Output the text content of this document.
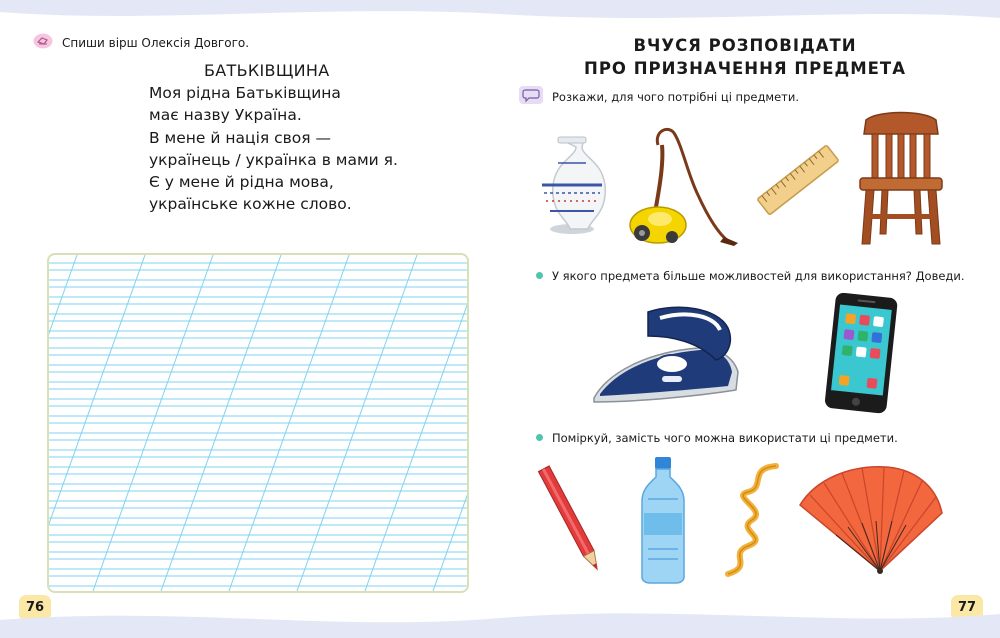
Спиши вірш Олексія Довгого.
БАТЬКІВЩИНА
Моя рідна Батьківщина
має назву Україна.
В мене й нація своя —
українець / українка в мами я.
Є у мене й рідна мова,
українське кожне слово.
76
ВЧУСЯ РОЗПОВІДАТИ
ПРО ПРИЗНАЧЕННЯ ПРЕДМЕТА
Розкажи, для чого потрібні ці предмети.
У якого предмета більше можливостей для використання? Доведи.
Поміркуй, замість чого можна використати ці предмети.
77
